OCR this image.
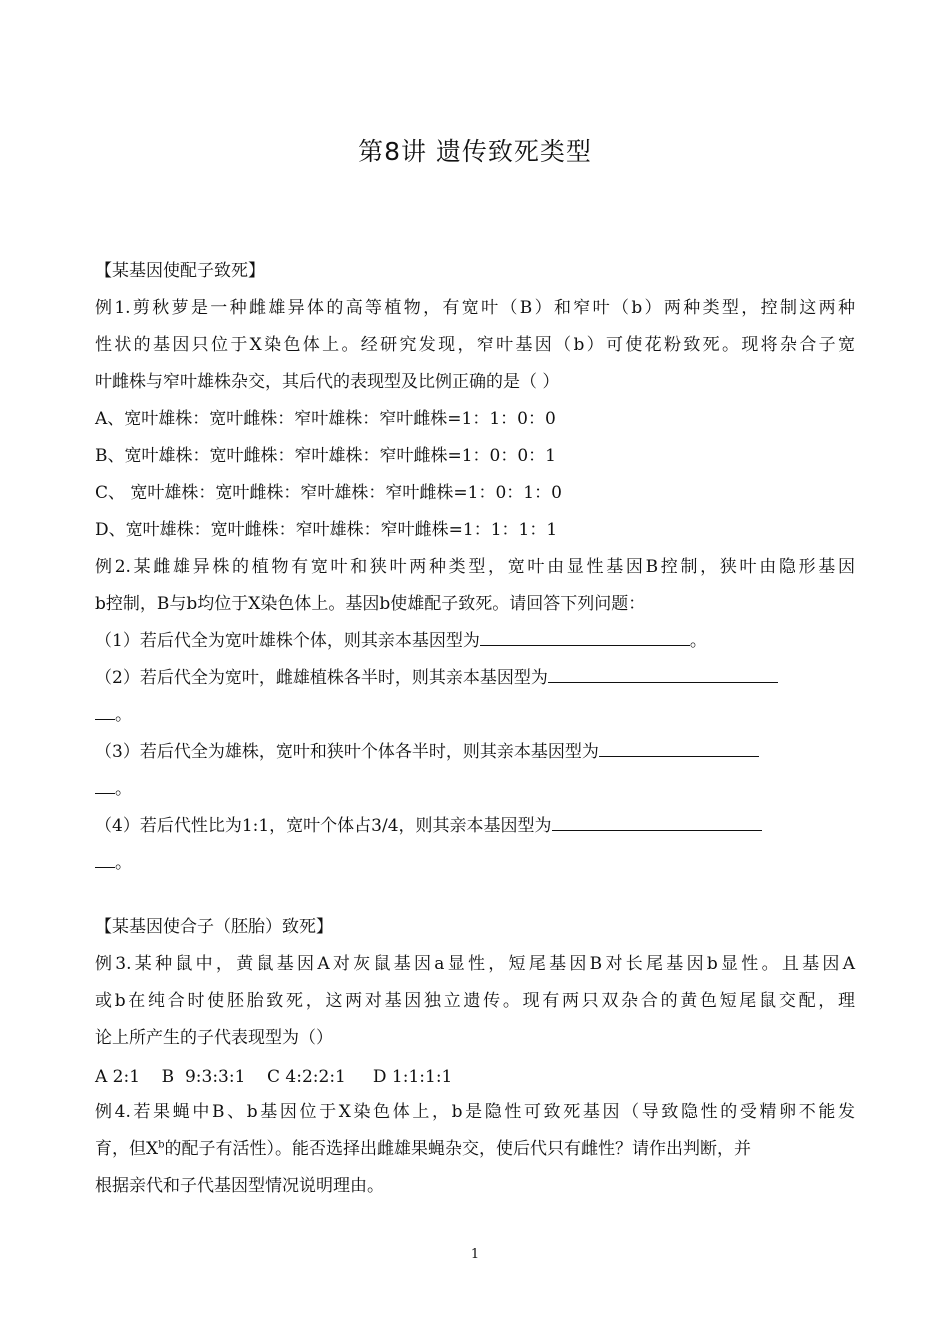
第8讲 遗传致死类型
【某基因使配子致死】
例1.剪秋萝是一种雌雄异体的高等植物，有宽叶（B）和窄叶（b）两种类型，控制这两种
性状的基因只位于X染色体上。经研究发现，窄叶基因（b）可使花粉致死。现将杂合子宽
叶雌株与窄叶雄株杂交，其后代的表现型及比例正确的是（ ）
A、宽叶雄株：宽叶雌株：窄叶雄株：窄叶雌株=1：1：0：0
B、宽叶雄株：宽叶雌株：窄叶雄株：窄叶雌株=1：0：0：1
C、 宽叶雄株：宽叶雌株：窄叶雄株：窄叶雌株=1：0：1：0
D、宽叶雄株：宽叶雌株：窄叶雄株：窄叶雌株=1：1：1：1
例2.某雌雄异株的植物有宽叶和狭叶两种类型，宽叶由显性基因B控制，狭叶由隐形基因
b控制，B与b均位于X染色体上。基因b使雄配子致死。请回答下列问题：
（1）若后代全为宽叶雄株个体，则其亲本基因型为	。
（2）若后代全为宽叶，雌雄植株各半时，则其亲本基因型为
。
（3）若后代全为雄株，宽叶和狭叶个体各半时，则其亲本基因型为
。
（4）若后代性比为1:1，宽叶个体占3/4，则其亲本基因型为
。
【某基因使合子（胚胎）致死】
例3.某种鼠中，黄鼠基因A对灰鼠基因a显性，短尾基因B对长尾基因b显性。且基因A
或b在纯合时使胚胎致死，这两对基因独立遗传。现有两只双杂合的黄色短尾鼠交配，理
论上所产生的子代表现型为（）
A 2:1    B  9:3:3:1    C 4:2:2:1     D 1:1:1:1
例4.若果蝇中B、b基因位于X染色体上，b是隐性可致死基因（导致隐性的受精卵不能发
育，但$X^b$的配子有活性）。能否选择出雌雄果蝇杂交，使后代只有雌性？请作出判断，并
根据亲代和子代基因型情况说明理由。
1
